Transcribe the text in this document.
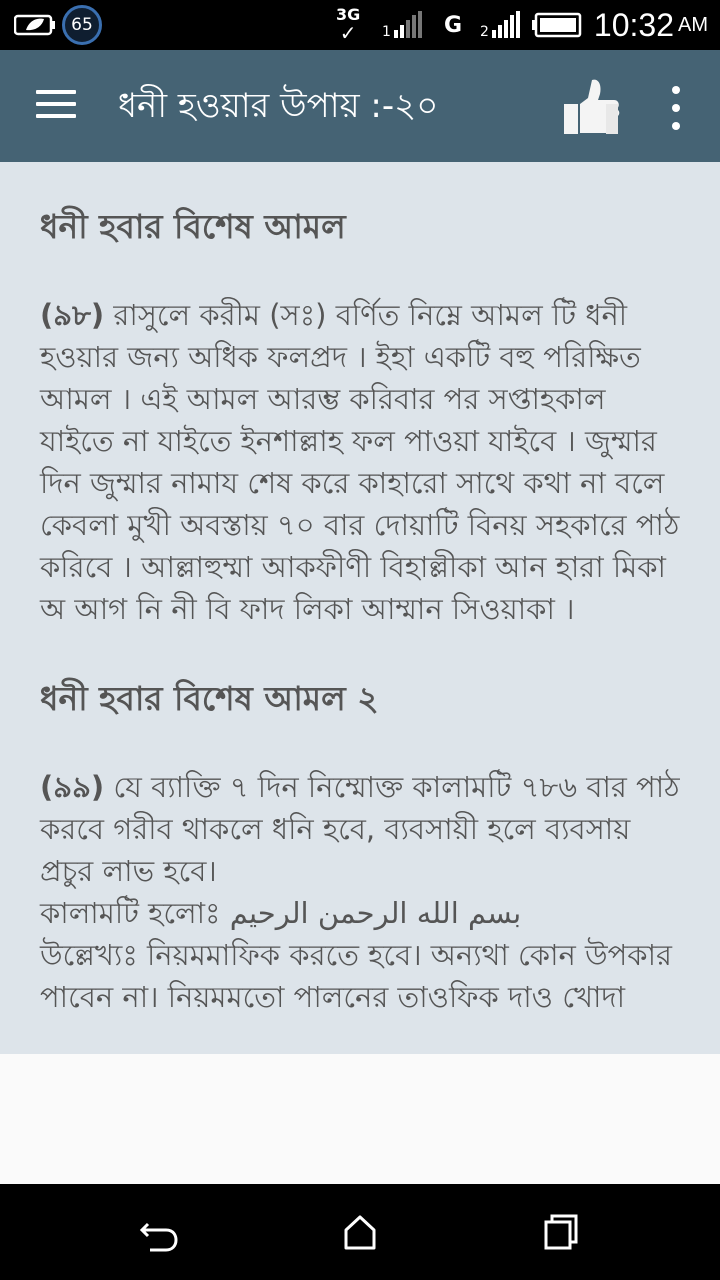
65
3G
✓ 1 G 2	10:32 AM
ধনী হওয়ার উপায় :-২০
ধনী হবার বিশেষ আমল
(৯৮) রাসুলে করীম (সঃ) বর্ণিত নিম্নে আমল টি ধনী হওয়ার জন্য অধিক ফলপ্রদ । ইহা একটি বহু পরিক্ষিত আমল । এই আমল আরম্ভ করিবার পর সপ্তাহকাল যাইতে না যাইতে ইনশাল্লাহ ফল পাওয়া যাইবে । জুম্মার দিন জুম্মার নামায শেষ করে কাহারো সাথে কথা না বলে কেবলা মুখী অবস্তায় ৭০ বার দোয়াটি বিনয় সহকারে পাঠ করিবে । আল্লাহুম্মা আকফীণী বিহাল্লীকা আন হারা মিকা অ আগ নি নী বি ফাদ লিকা আম্মান সিওয়াকা ।
ধনী হবার বিশেষ আমল ২
(৯৯) যে ব্যাক্তি ৭ দিন নিম্মোক্ত কালামটি ৭৮৬ বার পাঠ করবে গরীব থাকলে ধনি হবে, ব্যবসায়ী হলে ব্যবসায় প্রচুর লাভ হবে।
কালামটি হলোঃ بسم الله الرحمن الرحيم
উল্লেখ্যঃ নিয়মমাফিক করতে হবে। অন্যথা কোন উপকার পাবেন না। নিয়মমতো পালনের তাওফিক দাও খোদা
